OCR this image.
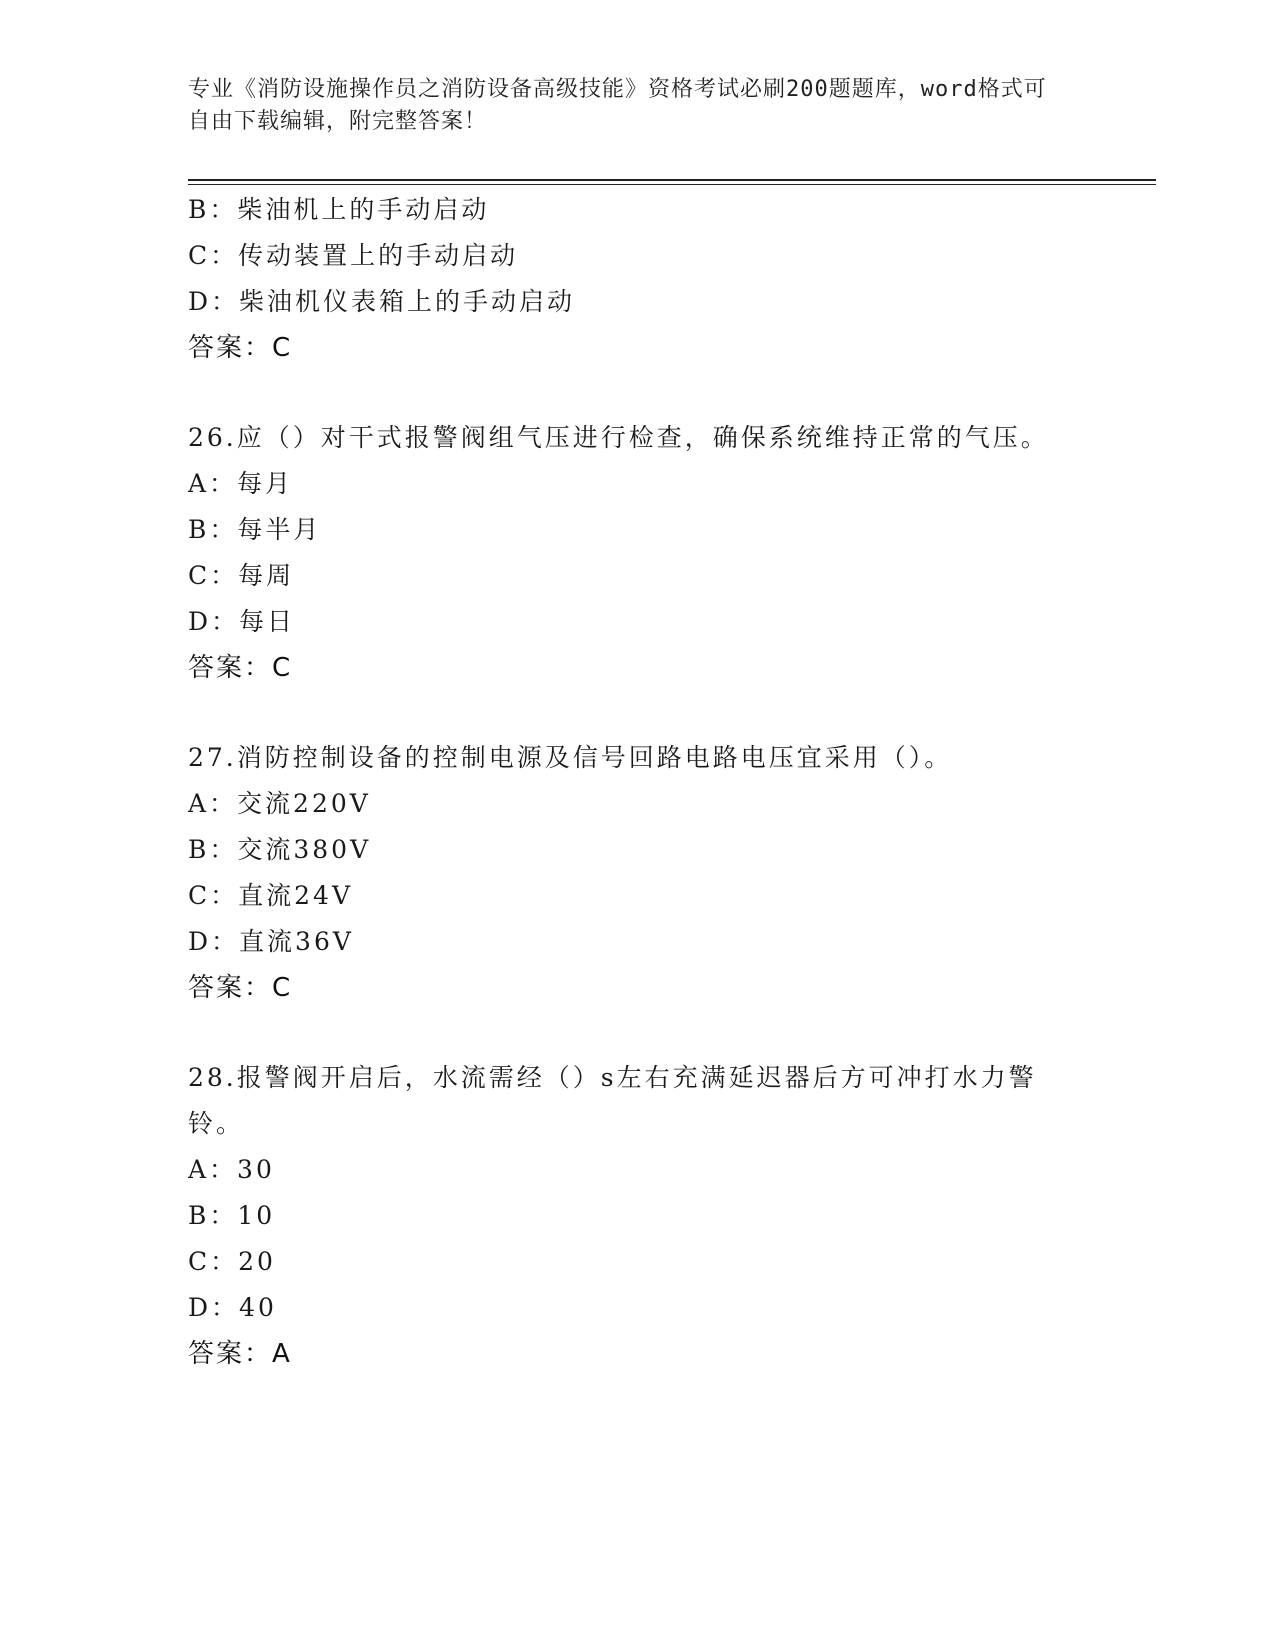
专业《消防设施操作员之消防设备高级技能》资格考试必刷200题题库，word格式可自由下载编辑，附完整答案！
B：柴油机上的手动启动
C：传动装置上的手动启动
D：柴油机仪表箱上的手动启动
答案：C
26.应（）对干式报警阀组气压进行检查，确保系统维持正常的气压。
A：每月
B：每半月
C：每周
D：每日
答案：C
27.消防控制设备的控制电源及信号回路电路电压宜采用（）。
A：交流220V
B：交流380V
C：直流24V
D：直流36V
答案：C
28.报警阀开启后，水流需经（）s左右充满延迟器后方可冲打水力警
铃。
A：30
B：10
C：20
D：40
答案：A
